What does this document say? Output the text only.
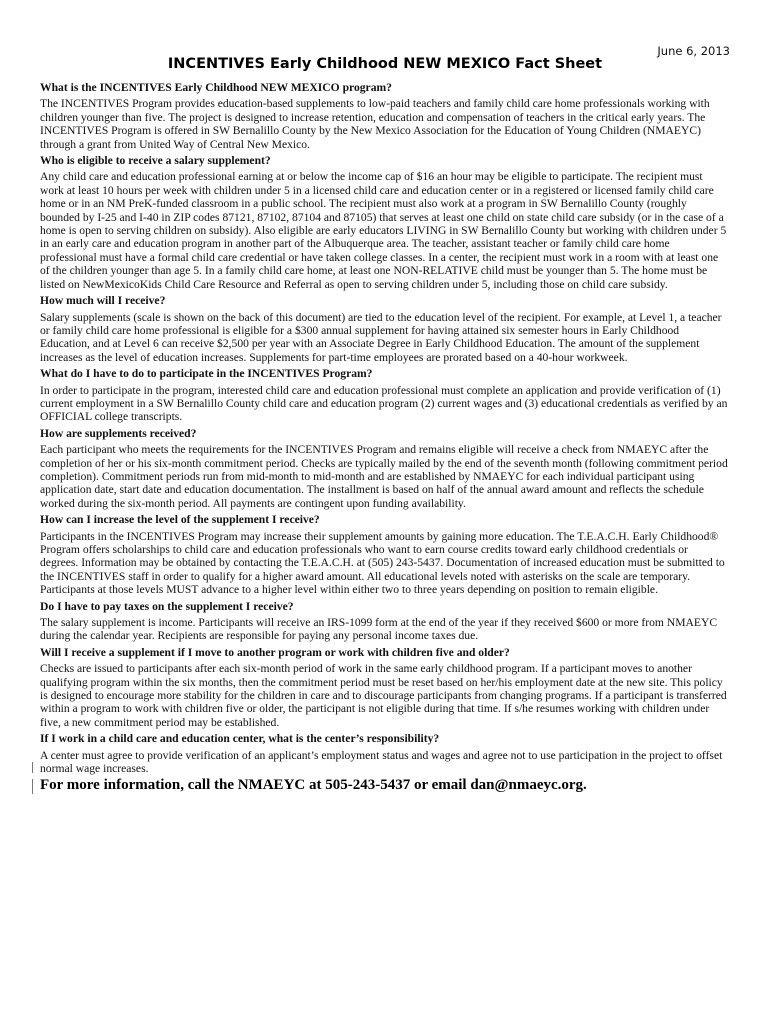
June 6, 2013
INCENTIVES Early Childhood NEW MEXICO Fact Sheet
What is the INCENTIVES Early Childhood NEW MEXICO program?
The INCENTIVES Program provides education-based supplements to low-paid teachers and family child care home professionals working with children younger than five. The project is designed to increase retention, education and compensation of teachers in the critical early years. The INCENTIVES Program is offered in SW Bernalillo County by the New Mexico Association for the Education of Young Children (NMAEYC) through a grant from United Way of Central New Mexico.
Who is eligible to receive a salary supplement?
Any child care and education professional earning at or below the income cap of $16 an hour may be eligible to participate. The recipient must work at least 10 hours per week with children under 5 in a licensed child care and education center or in a registered or licensed family child care home or in an NM PreK-funded classroom in a public school. The recipient must also work at a program in SW Bernalillo County (roughly bounded by I-25 and I-40 in ZIP codes 87121, 87102, 87104 and 87105) that serves at least one child on state child care subsidy (or in the case of a home is open to serving children on subsidy). Also eligible are early educators LIVING in SW Bernalillo County but working with children under 5 in an early care and education program in another part of the Albuquerque area. The teacher, assistant teacher or family child care home professional must have a formal child care credential or have taken college classes. In a center, the recipient must work in a room with at least one of the children younger than age 5. In a family child care home, at least one NON-RELATIVE child must be younger than 5. The home must be listed on NewMexicoKids Child Care Resource and Referral as open to serving children under 5, including those on child care subsidy.
How much will I receive?
Salary supplements (scale is shown on the back of this document) are tied to the education level of the recipient. For example, at Level 1, a teacher or family child care home professional is eligible for a $300 annual supplement for having attained six semester hours in Early Childhood Education, and at Level 6 can receive $2,500 per year with an Associate Degree in Early Childhood Education. The amount of the supplement increases as the level of education increases. Supplements for part-time employees are prorated based on a 40-hour workweek.
What do I have to do to participate in the INCENTIVES Program?
In order to participate in the program, interested child care and education professional must complete an application and provide verification of (1) current employment in a SW Bernalillo County child care and education program (2) current wages and (3) educational credentials as verified by an OFFICIAL college transcripts.
How are supplements received?
Each participant who meets the requirements for the INCENTIVES Program and remains eligible will receive a check from NMAEYC after the completion of her or his six-month commitment period. Checks are typically mailed by the end of the seventh month (following commitment period completion). Commitment periods run from mid-month to mid-month and are established by NMAEYC for each individual participant using application date, start date and education documentation. The installment is based on half of the annual award amount and reflects the schedule worked during the six-month period. All payments are contingent upon funding availability.
How can I increase the level of the supplement I receive?
Participants in the INCENTIVES Program may increase their supplement amounts by gaining more education. The T.E.A.C.H. Early Childhood® Program offers scholarships to child care and education professionals who want to earn course credits toward early childhood credentials or degrees. Information may be obtained by contacting the T.E.A.C.H. at (505) 243-5437. Documentation of increased education must be submitted to the INCENTIVES staff in order to qualify for a higher award amount. All educational levels noted with asterisks on the scale are temporary. Participants at those levels MUST advance to a higher level within either two to three years depending on position to remain eligible.
Do I have to pay taxes on the supplement I receive?
The salary supplement is income. Participants will receive an IRS-1099 form at the end of the year if they received $600 or more from NMAEYC during the calendar year. Recipients are responsible for paying any personal income taxes due.
Will I receive a supplement if I move to another program or work with children five and older?
Checks are issued to participants after each six-month period of work in the same early childhood program. If a participant moves to another qualifying program within the six months, then the commitment period must be reset based on her/his employment date at the new site. This policy is designed to encourage more stability for the children in care and to discourage participants from changing programs. If a participant is transferred within a program to work with children five or older, the participant is not eligible during that time. If s/he resumes working with children under five, a new commitment period may be established.
If I work in a child care and education center, what is the center’s responsibility?
A center must agree to provide verification of an applicant’s employment status and wages and agree not to use participation in the project to offset normal wage increases.
For more information, call the NMAEYC at 505-243-5437 or email dan@nmaeyc.org.
